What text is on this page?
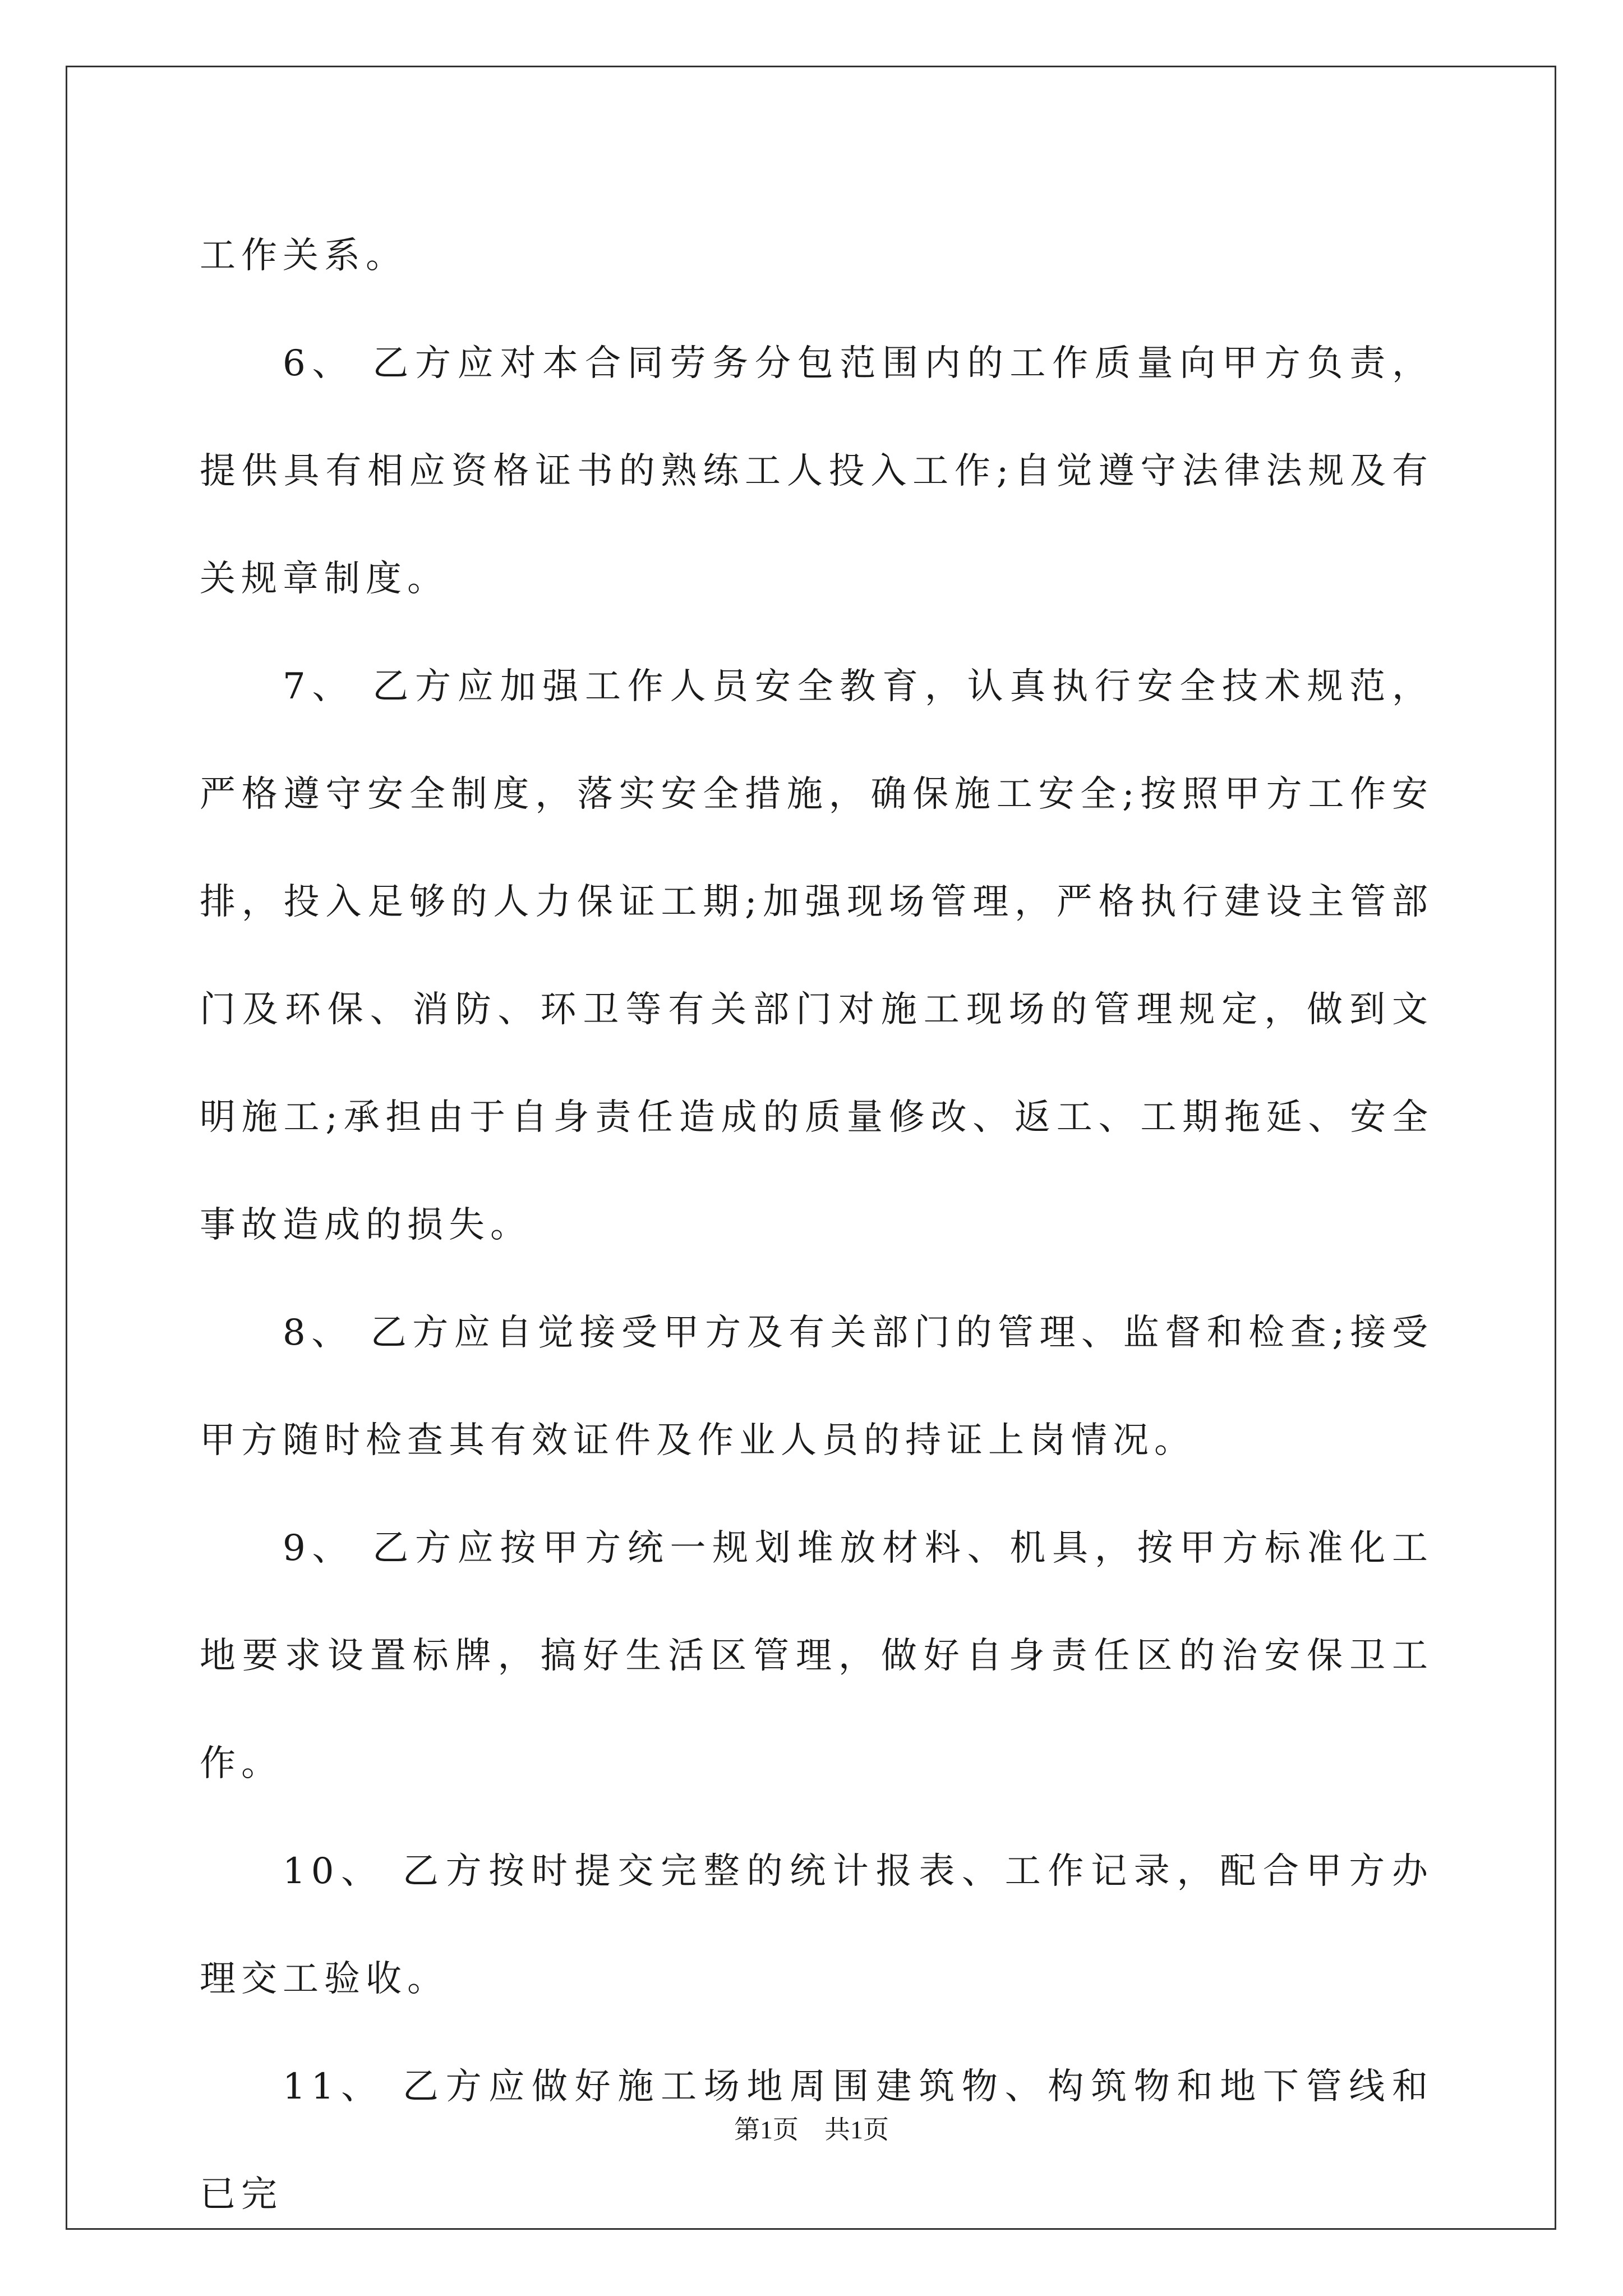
工作关系。

6、 乙方应对本合同劳务分包范围内的工作质量向甲方负责，提供具有相应资格证书的熟练工人投入工作;自觉遵守法律法规及有关规章制度。

7、 乙方应加强工作人员安全教育，认真执行安全技术规范，严格遵守安全制度，落实安全措施，确保施工安全;按照甲方工作安排，投入足够的人力保证工期;加强现场管理，严格执行建设主管部门及环保、消防、环卫等有关部门对施工现场的管理规定，做到文明施工;承担由于自身责任造成的质量修改、返工、工期拖延、安全事故造成的损失。

8、 乙方应自觉接受甲方及有关部门的管理、监督和检查;接受甲方随时检查其有效证件及作业人员的持证上岗情况。

9、 乙方应按甲方统一规划堆放材料、机具，按甲方标准化工地要求设置标牌，搞好生活区管理，做好自身责任区的治安保卫工作。

10、 乙方按时提交完整的统计报表、工作记录，配合甲方办理交工验收。

11、 乙方应做好施工场地周围建筑物、构筑物和地下管线和已完

第1页　共1页
